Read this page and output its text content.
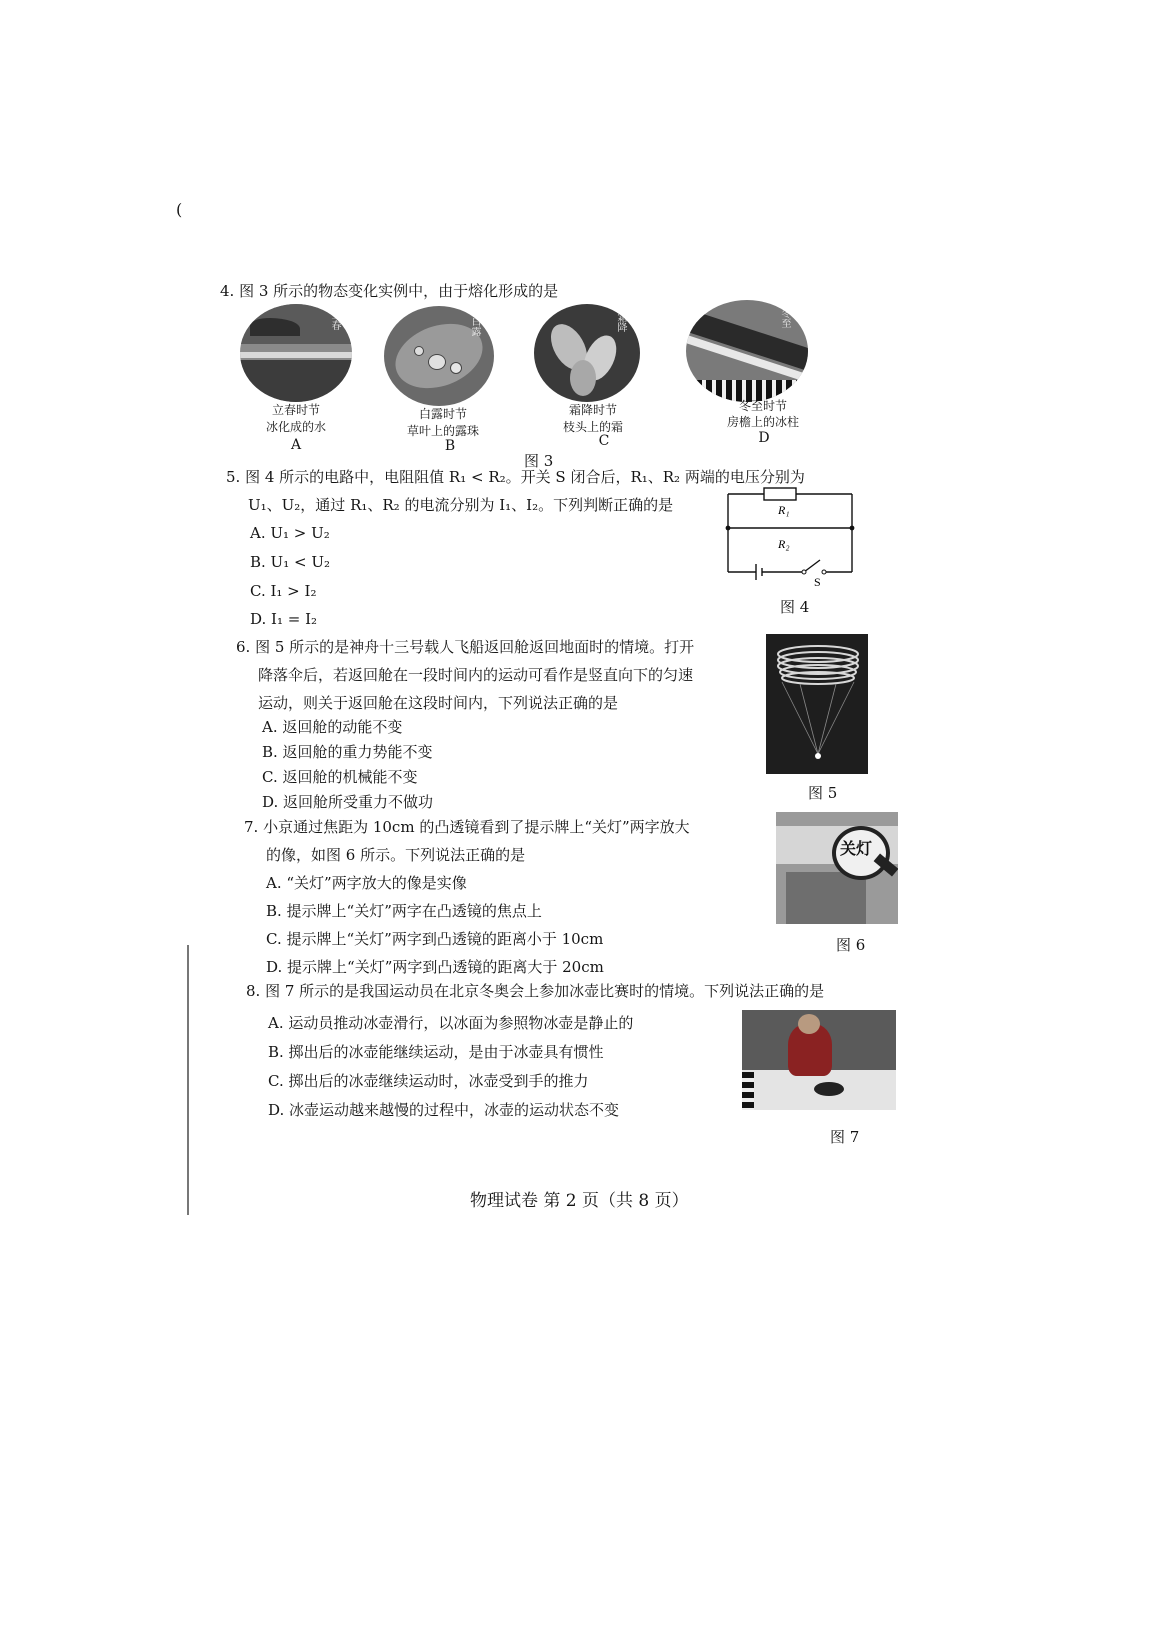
(
4. 图 3 所示的物态变化实例中，由于熔化形成的是
立春
立春时节
冰化成的水
A
白露
白露时节
草叶上的露珠
B
霜降
霜降时节
枝头上的霜
C
冬至
冬至时节
房檐上的冰柱
D
图 3
5. 图 4 所示的电路中，电阻阻值 R₁ < R₂。开关 S 闭合后，R₁、R₂ 两端的电压分别为
U₁、U₂，通过 R₁、R₂ 的电流分别为 I₁、I₂。下列判断正确的是
A. U₁ > U₂
B. U₁ < U₂
C. I₁ > I₂
D. I₁ = I₂
R₁
R₂
S
图 4
6. 图 5 所示的是神舟十三号载人飞船返回舱返回地面时的情境。打开
降落伞后，若返回舱在一段时间内的运动可看作是竖直向下的匀速
运动，则关于返回舱在这段时间内，下列说法正确的是
A. 返回舱的动能不变
B. 返回舱的重力势能不变
C. 返回舱的机械能不变
D. 返回舱所受重力不做功	图 5
7. 小京通过焦距为 10cm 的凸透镜看到了提示牌上“关灯”两字放大
的像，如图 6 所示。下列说法正确的是
A. “关灯”两字放大的像是实像
B. 提示牌上“关灯”两字在凸透镜的焦点上
C. 提示牌上“关灯”两字到凸透镜的距离小于 10cm
D. 提示牌上“关灯”两字到凸透镜的距离大于 20cm
关灯
图 6
8. 图 7 所示的是我国运动员在北京冬奥会上参加冰壶比赛时的情境。下列说法正确的是
A. 运动员推动冰壶滑行，以冰面为参照物冰壶是静止的
B. 掷出后的冰壶能继续运动，是由于冰壶具有惯性
C. 掷出后的冰壶继续运动时，冰壶受到手的推力
D. 冰壶运动越来越慢的过程中，冰壶的运动状态不变
图 7
物理试卷 第 2 页（共 8 页）
